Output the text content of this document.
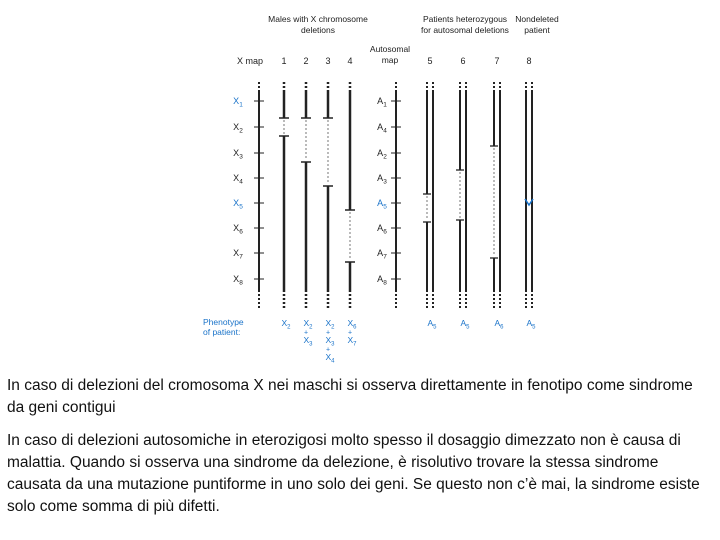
Males with X chromosome
deletions
Patients heterozygous
for autosomal deletions
Nondeleted
patient
X map
Autosomal
map
1 2 3 4	5	6	7	8
$X_1$
$X_2$
$X_3$
$X_4$
$X_5$
$X_6$
$X_7$
$X_8$
$A_1$
$A_4$
$A_2$
$A_3$
$A_5$
$A_6$
$A_7$
$A_8$
Phenotype
of patient:
$X_2$ $X_2$
+
$X_3$
$X_2$
+
$X_3$
+
$X_4$
$X_6$
+
$X_7$
$A_5$	$A_5$	$A_6$	$A_5$

In caso di delezioni del cromosoma X nei maschi si osserva direttamente in fenotipo come sindrome da geni contigui

In caso di delezioni autosomiche in eterozigosi molto spesso il dosaggio dimezzato non è causa di malattia. Quando si osserva una sindrome da delezione, è risolutivo trovare la stessa sindrome causata da una mutazione puntiforme in uno solo dei geni. Se questo non c’è mai, la sindrome esiste solo come somma di più difetti.
